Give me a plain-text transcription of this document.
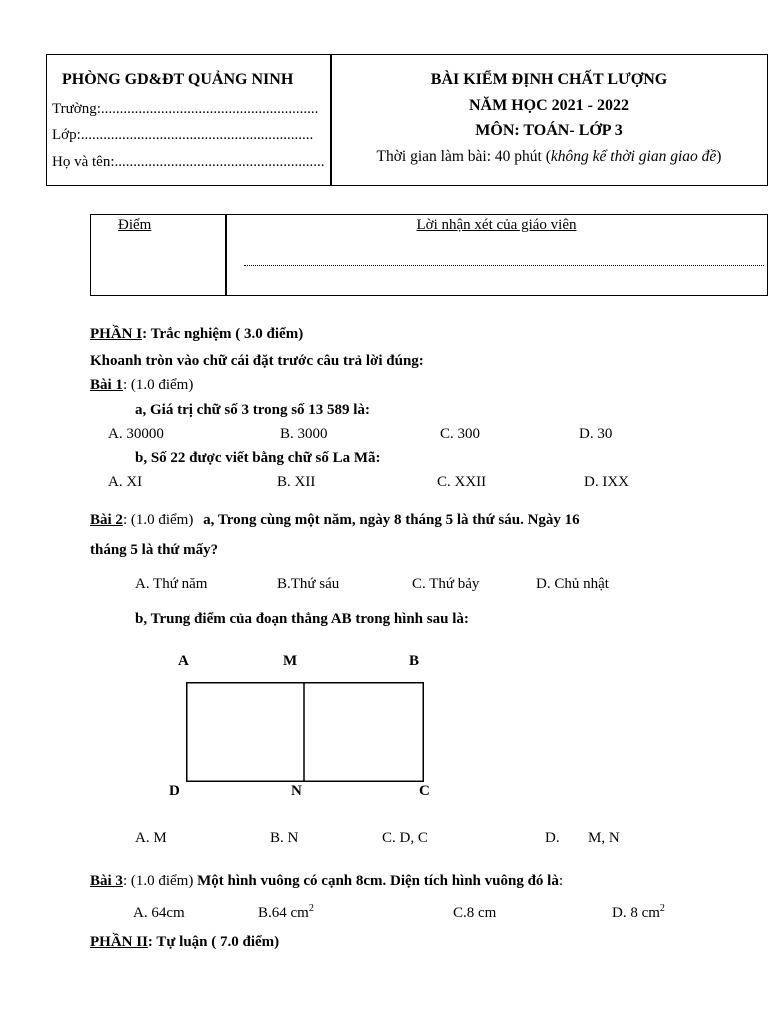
PHÒNG GD&ĐT QUẢNG NINH
Trường:..........................................................
Lớp:..............................................................
Họ và tên:........................................................
BÀI KIỂM ĐỊNH CHẤT LƯỢNG
NĂM HỌC 2021 - 2022
MÔN: TOÁN- LỚP 3
Thời gian làm bài: 40 phút (không kể thời gian giao đề)
Điểm	Lời nhận xét của giáo viên
PHẦN I: Trắc nghiệm ( 3.0 điểm)
Khoanh tròn vào chữ cái đặt trước câu trả lời đúng:
Bài 1: (1.0 điểm)
a, Giá trị chữ số 3 trong số 13 589 là:
A. 30000	B. 3000	C. 300	D. 30
b, Số 22 được viết bằng chữ số La Mã:
A. XI	B. XII	C. XXII	D. IXX
Bài 2: (1.0 điểm) a, Trong cùng một năm, ngày 8 tháng 5 là thứ sáu. Ngày 16
tháng 5 là thứ mấy?
A. Thứ năm	B.Thứ sáu	C. Thứ bảy	D. Chủ nhật
b, Trung điểm của đoạn thẳng AB trong hình sau là:
A	M	B
D	N	C
A. M	B. N	C. D, C	D. M, N
Bài 3: (1.0 điểm) Một hình vuông có cạnh 8cm. Diện tích hình vuông đó là:
A. 64cm	B.64 $cm^2$	C.8 cm	D. 8 $cm^2$
PHẦN II: Tự luận ( 7.0 điểm)
